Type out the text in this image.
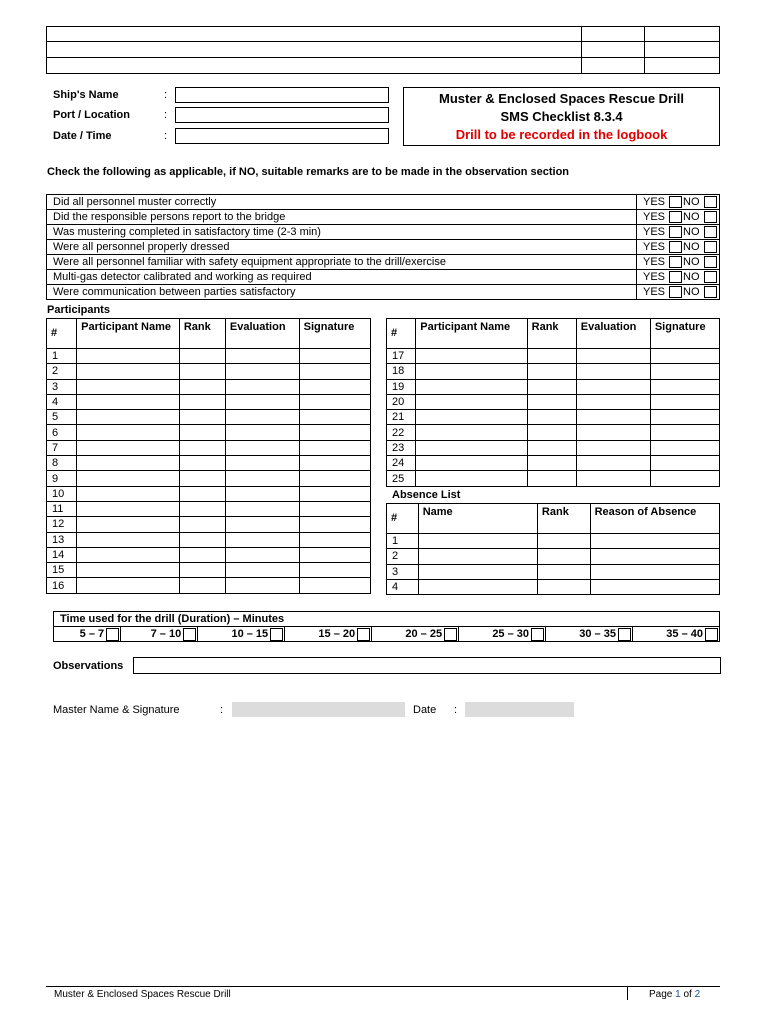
Ship's Name	:
Port / Location	:
Date / Time	:
Muster & Enclosed Spaces Rescue Drill
SMS Checklist 8.3.4
Drill to be recorded in the logbook
Check the following as applicable, if NO, suitable remarks are to be made in the observation section
Did all personnel muster correctly	YES NO
Did the responsible persons report to the bridge	YES NO
Was mustering completed in satisfactory time (2-3 min)	YES NO
Were all personnel properly dressed	YES NO
Were all personnel familiar with safety equipment appropriate to the drill/exercise	YES NO
Multi-gas detector calibrated and working as required	YES NO
Were communication between parties satisfactory	YES NO
Participants
#	Participant Name	Rank	Evaluation	Signature
1				
2				
3				
4				
5				
6				
7				
8				
9				
10				
11				
12				
13				
14				
15				
16				
#	Participant Name	Rank	Evaluation	Signature
17				
18				
19				
20				
21				
22				
23				
24				
25				
Absence List
#	Name	Rank	Reason of Absence
1			
2			
3			
4			
Time used for the drill (Duration) – Minutes
5 – 7	7 – 10	10 – 15	15 – 20	20 – 25	25 – 30	30 – 35	35 – 40
Observations
Master Name & Signature	:	Date :
Muster & Enclosed Spaces Rescue Drill	Page 1 of 2
